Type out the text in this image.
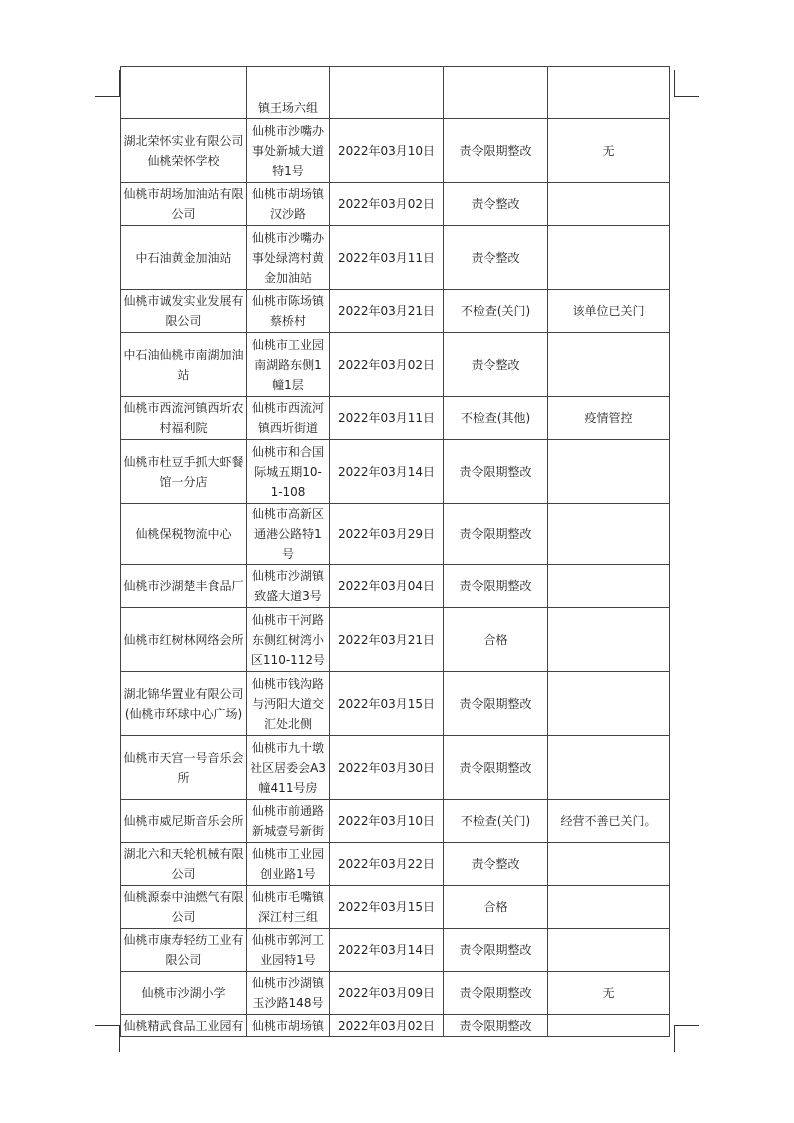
	镇王场六组			
湖北荣怀实业有限公司仙桃荣怀学校	仙桃市沙嘴办事处新城大道特1号	2022年03月10日	责令限期整改	无
仙桃市胡场加油站有限公司	仙桃市胡场镇汉沙路	2022年03月02日	责令整改	
中石油黄金加油站	仙桃市沙嘴办事处绿湾村黄金加油站	2022年03月11日	责令整改	
仙桃市诚发实业发展有限公司	仙桃市陈场镇蔡桥村	2022年03月21日	不检查(关门)	该单位已关门
中石油仙桃市南湖加油站	仙桃市工业园南湖路东侧1幢1层	2022年03月02日	责令整改	
仙桃市西流河镇西圻农村福利院	仙桃市西流河镇西圻街道	2022年03月11日	不检查(其他)	疫情管控
仙桃市杜豆手抓大虾餐馆一分店	仙桃市和合国际城五期10-1-108	2022年03月14日	责令限期整改	
仙桃保税物流中心	仙桃市高新区通港公路特1号	2022年03月29日	责令限期整改	
仙桃市沙湖楚丰食品厂	仙桃市沙湖镇致盛大道3号	2022年03月04日	责令限期整改	
仙桃市红树林网络会所	仙桃市干河路东侧红树湾小区110-112号	2022年03月21日	合格	
湖北锦华置业有限公司(仙桃市环球中心广场)	仙桃市钱沟路与沔阳大道交汇处北侧	2022年03月15日	责令限期整改	
仙桃市天宫一号音乐会所	仙桃市九十墩社区居委会A3幢411号房	2022年03月30日	责令限期整改	
仙桃市威尼斯音乐会所	仙桃市前通路新城壹号新街	2022年03月10日	不检查(关门)	经营不善已关门。
湖北六和天轮机械有限公司	仙桃市工业园创业路1号	2022年03月22日	责令整改	
仙桃源泰中油燃气有限公司	仙桃市毛嘴镇深江村三组	2022年03月15日	合格	
仙桃市康寿轻纺工业有限公司	仙桃市郭河工业园特1号	2022年03月14日	责令限期整改	
仙桃市沙湖小学	仙桃市沙湖镇玉沙路148号	2022年03月09日	责令限期整改	无
仙桃精武食品工业园有	仙桃市胡场镇	2022年03月02日	责令限期整改	
